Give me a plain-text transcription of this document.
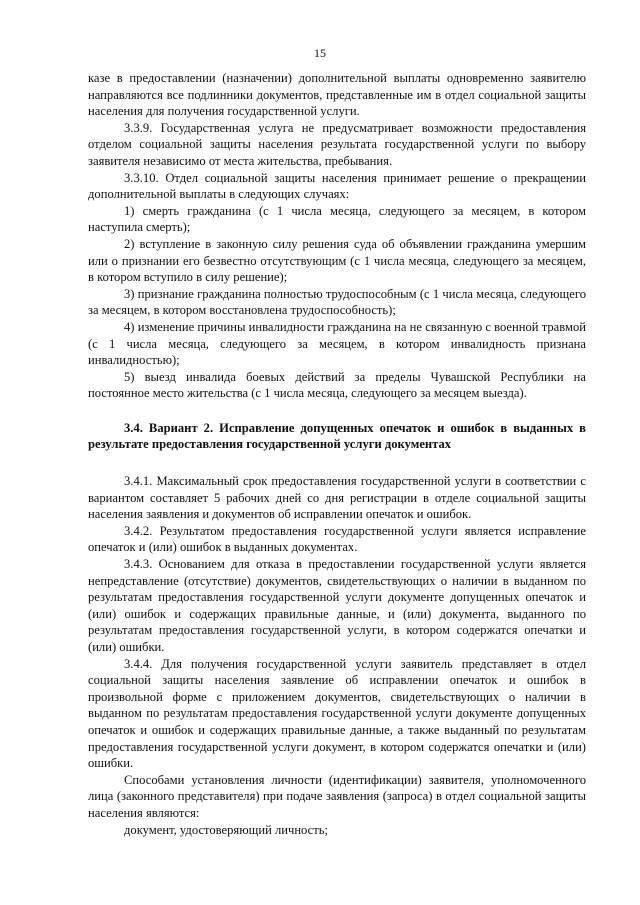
15

казе в предоставлении (назначении) дополнительной выплаты одновременно заявителю направляются все подлинники документов, представленные им в отдел социальной защиты населения для получения государственной услуги.

3.3.9. Государственная услуга не предусматривает возможности предоставления отделом социальной защиты населения результата государственной услуги по выбору заявителя независимо от места жительства, пребывания.

3.3.10. Отдел социальной защиты населения принимает решение о прекращении дополнительной выплаты в следующих случаях:

1) смерть гражданина (с 1 числа месяца, следующего за месяцем, в котором наступила смерть);

2) вступление в законную силу решения суда об объявлении гражданина умершим или о признании его безвестно отсутствующим (с 1 числа месяца, следующего за месяцем, в котором вступило в силу решение);

3) признание гражданина полностью трудоспособным (с 1 числа месяца, следующего за месяцем, в котором восстановлена трудоспособность);

4) изменение причины инвалидности гражданина на не связанную с военной травмой (с 1 числа месяца, следующего за месяцем, в котором инвалидность признана инвалидностью);

5) выезд инвалида боевых действий за пределы Чувашской Республики на постоянное место жительства (с 1 числа месяца, следующего за месяцем выезда).

3.4. Вариант 2. Исправление допущенных опечаток и ошибок в выданных в результате предоставления государственной услуги документах

3.4.1. Максимальный срок предоставления государственной услуги в соответствии с вариантом составляет 5 рабочих дней со дня регистрации в отделе социальной защиты населения заявления и документов об исправлении опечаток и ошибок.

3.4.2. Результатом предоставления государственной услуги является исправление опечаток и (или) ошибок в выданных документах.

3.4.3. Основанием для отказа в предоставлении государственной услуги является непредставление (отсутствие) документов, свидетельствующих о наличии в выданном по результатам предоставления государственной услуги документе допущенных опечаток и (или) ошибок и содержащих правильные данные, и (или) документа, выданного по результатам предоставления государственной услуги, в котором содержатся опечатки и (или) ошибки.

3.4.4. Для получения государственной услуги заявитель представляет в отдел социальной защиты населения заявление об исправлении опечаток и ошибок в произвольной форме с приложением документов, свидетельствующих о наличии в выданном по результатам предоставления государственной услуги документе допущенных опечаток и ошибок и содержащих правильные данные, а также выданный по результатам предоставления государственной услуги документ, в котором содержатся опечатки и (или) ошибки.

Способами установления личности (идентификации) заявителя, уполномоченного лица (законного представителя) при подаче заявления (запроса) в отдел социальной защиты населения являются:

документ, удостоверяющий личность;
